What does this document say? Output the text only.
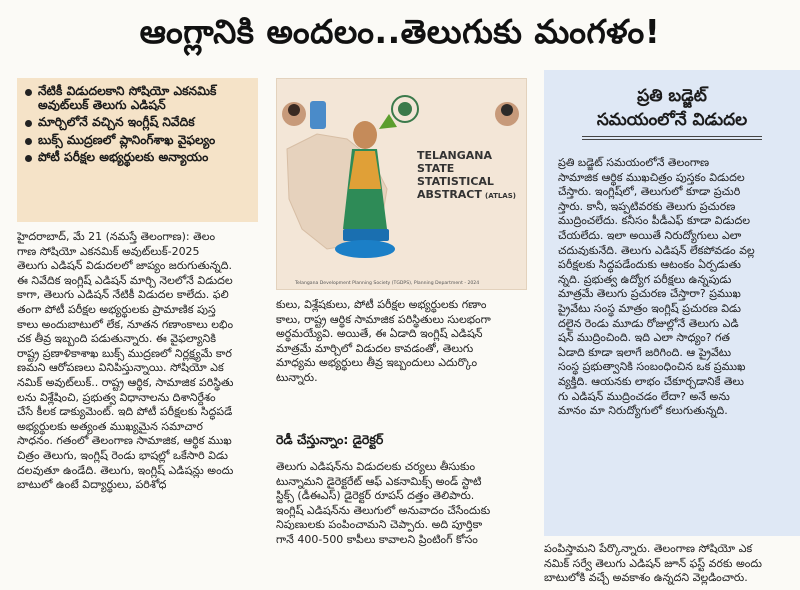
ఆంగ్లానికి అందలం..తెలుగుకు మంగళం!
నేటికీ విడుదలకాని సోషియో ఎకనమిక్ అవుట్‌లుక్ తెలుగు ఎడిషన్
మార్చిలోనే వచ్చిన ఇంగ్లీష్ నివేదిక
బుక్స్ ముద్రణలో ప్లానింగ్‌శాఖ వైఫల్యం
పోటీ పరీక్షల అభ్యర్థులకు అన్యాయం
హైదరాబాద్, మే 21 (నమస్తే తెలంగాణ): తెలం
గాణ సోషియో ఎకనమిక్ అవుట్‌లుక్-2025
తెలుగు ఎడిషన్ విడుదలలో జాప్యం జరుగుతున్నది.
ఈ నివేదిక ఇంగ్లిష్ ఎడిషన్ మార్చి నెలలోనే విడుదల
కాగా, తెలుగు ఎడిషన్ నేటికీ విడుదల కాలేదు. ఫలి
తంగా పోటీ పరీక్షల అభ్యర్థులకు ప్రామాణిక పుస్త
కాలు అందుబాటులో లేక, నూతన గణాంకాలు లభిం
చక తీవ్ర ఇబ్బంది పడుతున్నారు. ఈ వైఫల్యానికి
రాష్ట్ర ప్రణాళికాశాఖ బుక్స్ ముద్రణలో నిర్లక్ష్యమే కార
ణమని ఆరోపణలు వినిపిస్తున్నాయి. సోషియో ఎక
నమిక్ అవుట్‌లుక్.. రాష్ట్ర ఆర్థిక, సామాజిక పరిస్థితు
లను విశ్లేషించి, ప్రభుత్వ విధానాలను దిశానిర్దేశం
చేసే కీలక డాక్యుమెంట్. ఇది పోటీ పరీక్షలకు సిద్ధపడే
అభ్యర్థులకు అత్యంత ముఖ్యమైన సమాచార
సాధనం. గతంలో తెలంగాణ సామాజిక, ఆర్థిక ముఖ
చిత్రం తెలుగు, ఇంగ్లిష్ రెండు భాషల్లో ఒకేసారి విడు
దలవుతూ ఉండేది. తెలుగు, ఇంగ్లిష్ ఎడిషన్లు అందు
బాటులో ఉంటే విద్యార్థులు, పరిశోధ
TELANGANA
STATE
STATISTICAL
ABSTRACT (ATLAS)
Telangana Development Planning Society (TGDPS), Planning Department - 2024
కులు, విశ్లేషకులు, పోటీ పరీక్షల అభ్యర్థులకు గణాం
కాలు, రాష్ట్ర ఆర్థిక సామాజిక పరిస్థితులు సులభంగా
అర్థమయ్యేవి. అయితే, ఈ ఏడాది ఇంగ్లిష్ ఎడిషన్
మాత్రమే మార్చిలో విడుదల కావడంతో, తెలుగు
మాధ్యమ అభ్యర్థులు తీవ్ర ఇబ్బందులు ఎదుర్కొం
టున్నారు.
రెడీ చేస్తున్నాం: డైరెక్టర్
తెలుగు ఎడిషన్‌ను విడుదలకు చర్యలు తీసుకుం
టున్నామని డైరెక్టరేట్ ఆఫ్ ఎకనామిక్స్ అండ్ స్టాటి
స్టిక్స్ (డీఈఎస్) డైరెక్టర్ రూపస్ దత్తం తెలిపారు.
ఇంగ్లిష్ ఎడిషన్‌ను తెలుగులో అనువాదం చేసేందుకు
నిపుణులకు పంపించామని చెప్పారు. అది పూర్తికా
గానే 400-500 కాపీలు కావాలని ప్రింటింగ్ కోసం
ప్రతి బడ్జెట్
సమయంలోనే విడుదల
ప్రతి బడ్జెట్ సమయంలోనే తెలంగాణ
సామాజిక ఆర్థిక ముఖచిత్రం పుస్తకం విడుదల
చేస్తారు. ఇంగ్లిష్‌లో, తెలుగులో కూడా ప్రచురి
స్తారు. కానీ, ఇప్పటివరకు తెలుగు ప్రచురణ
ముద్రించలేదు. కనీసం పీడీఎఫ్ కూడా విడుదల
చేయలేదు. ఇలా అయితే నిరుద్యోగులు ఎలా
చదువుకునేది. తెలుగు ఎడిషన్ లేకపోవడం వల్ల
పరీక్షలకు సిద్ధపడేందుకు ఆటంకం ఏర్పడుతు
న్నది. ప్రభుత్వ ఉద్యోగ పరీక్షలు ఉన్నపుడు
మాత్రమే తెలుగు ప్రచురణ చేస్తారా? ప్రముఖ
ప్రైవేటు సంస్థ మాత్రం ఇంగ్లిష్ ప్రచురణ విడు
దలైన రెండు మూడు రోజుల్లోనే తెలుగు ఎడి
షన్ ముద్రించింది. ఇది ఎలా సాధ్యం? గత
ఏడాది కూడా ఇలాగే జరిగింది. ఆ ప్రైవేటు
సంస్థ ప్రభుత్వానికి సంబంధించిన ఒక ప్రముఖ
వ్యక్తిది. ఆయనకు లాభం చేకూర్చడానికే తెలు
గు ఎడిషన్ ముద్రించడం లేదా? అనే అను
మానం మా నిరుద్యోగులో కలుగుతున్నది.
పంపిస్తామని పేర్కొన్నారు. తెలంగాణ సోషియో ఎక
నమిక్ సర్వే తెలుగు ఎడిషన్ జూన్ ఫస్ట్ వరకు అందు
బాటులోకి వచ్చే అవకాశం ఉన్నదని వెల్లడించారు.
